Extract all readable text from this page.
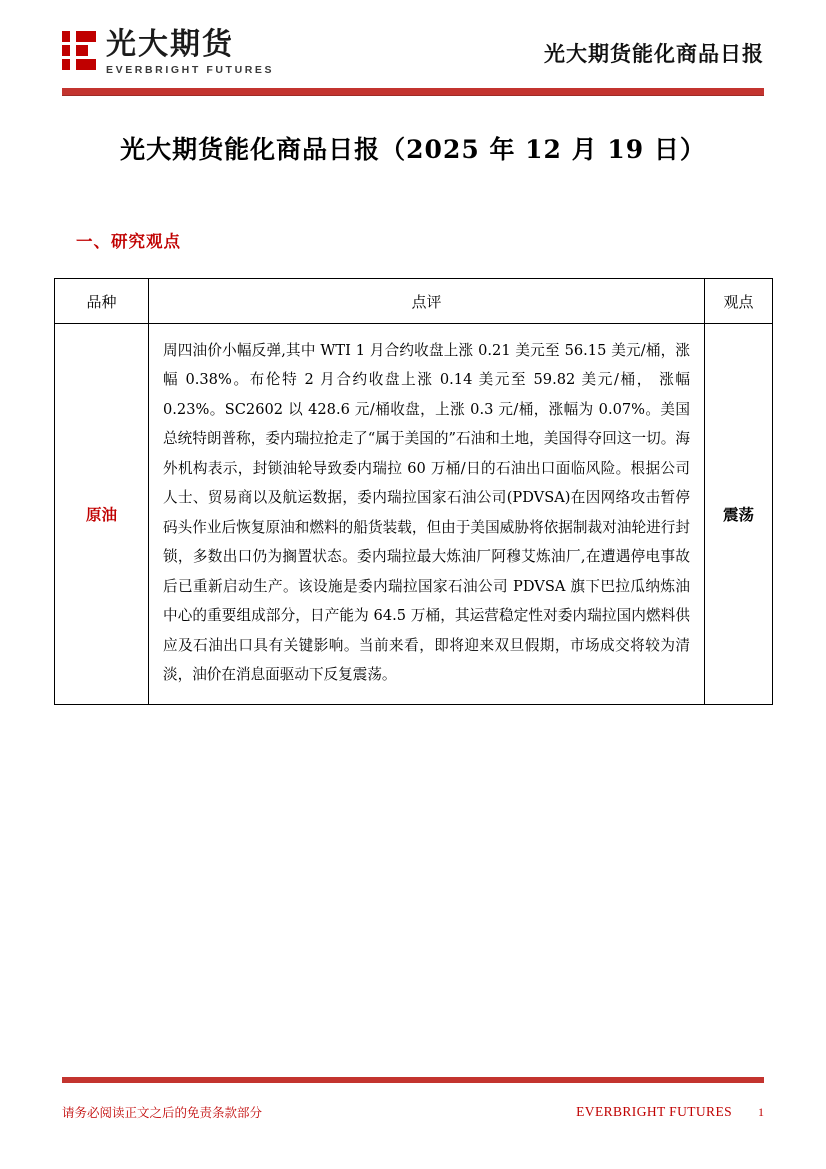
光大期货
EVERBRIGHT FUTURES
光大期货能化商品日报
光大期货能化商品日报（2025 年 12 月 19 日）
一、研究观点
品种	点评	观点
原油	周四油价小幅反弹,其中 WTI 1 月合约收盘上涨 0.21 美元至 56.15 美元/桶，涨幅 0.38%。布伦特 2 月合约收盘上涨 0.14 美元至 59.82 美元/桶， 涨幅 0.23%。SC2602 以 428.6 元/桶收盘，上涨 0.3 元/桶，涨幅为 0.07%。美国总统特朗普称，委内瑞拉抢走了“属于美国的”石油和土地，美国得夺回这一切。海外机构表示，封锁油轮导致委内瑞拉 60 万桶/日的石油出口面临风险。根据公司人士、贸易商以及航运数据，委内瑞拉国家石油公司(PDVSA)在因网络攻击暂停码头作业后恢复原油和燃料的船货装载，但由于美国威胁将依据制裁对油轮进行封锁，多数出口仍为搁置状态。委内瑞拉最大炼油厂阿穆艾炼油厂,在遭遇停电事故后已重新启动生产。该设施是委内瑞拉国家石油公司 PDVSA 旗下巴拉瓜纳炼油中心的重要组成部分，日产能为 64.5 万桶，其运营稳定性对委内瑞拉国内燃料供应及石油出口具有关键影响。当前来看，即将迎来双旦假期，市场成交将较为清淡，油价在消息面驱动下反复震荡。	震荡
请务必阅读正文之后的免责条款部分	EVERBRIGHT FUTURES 1
